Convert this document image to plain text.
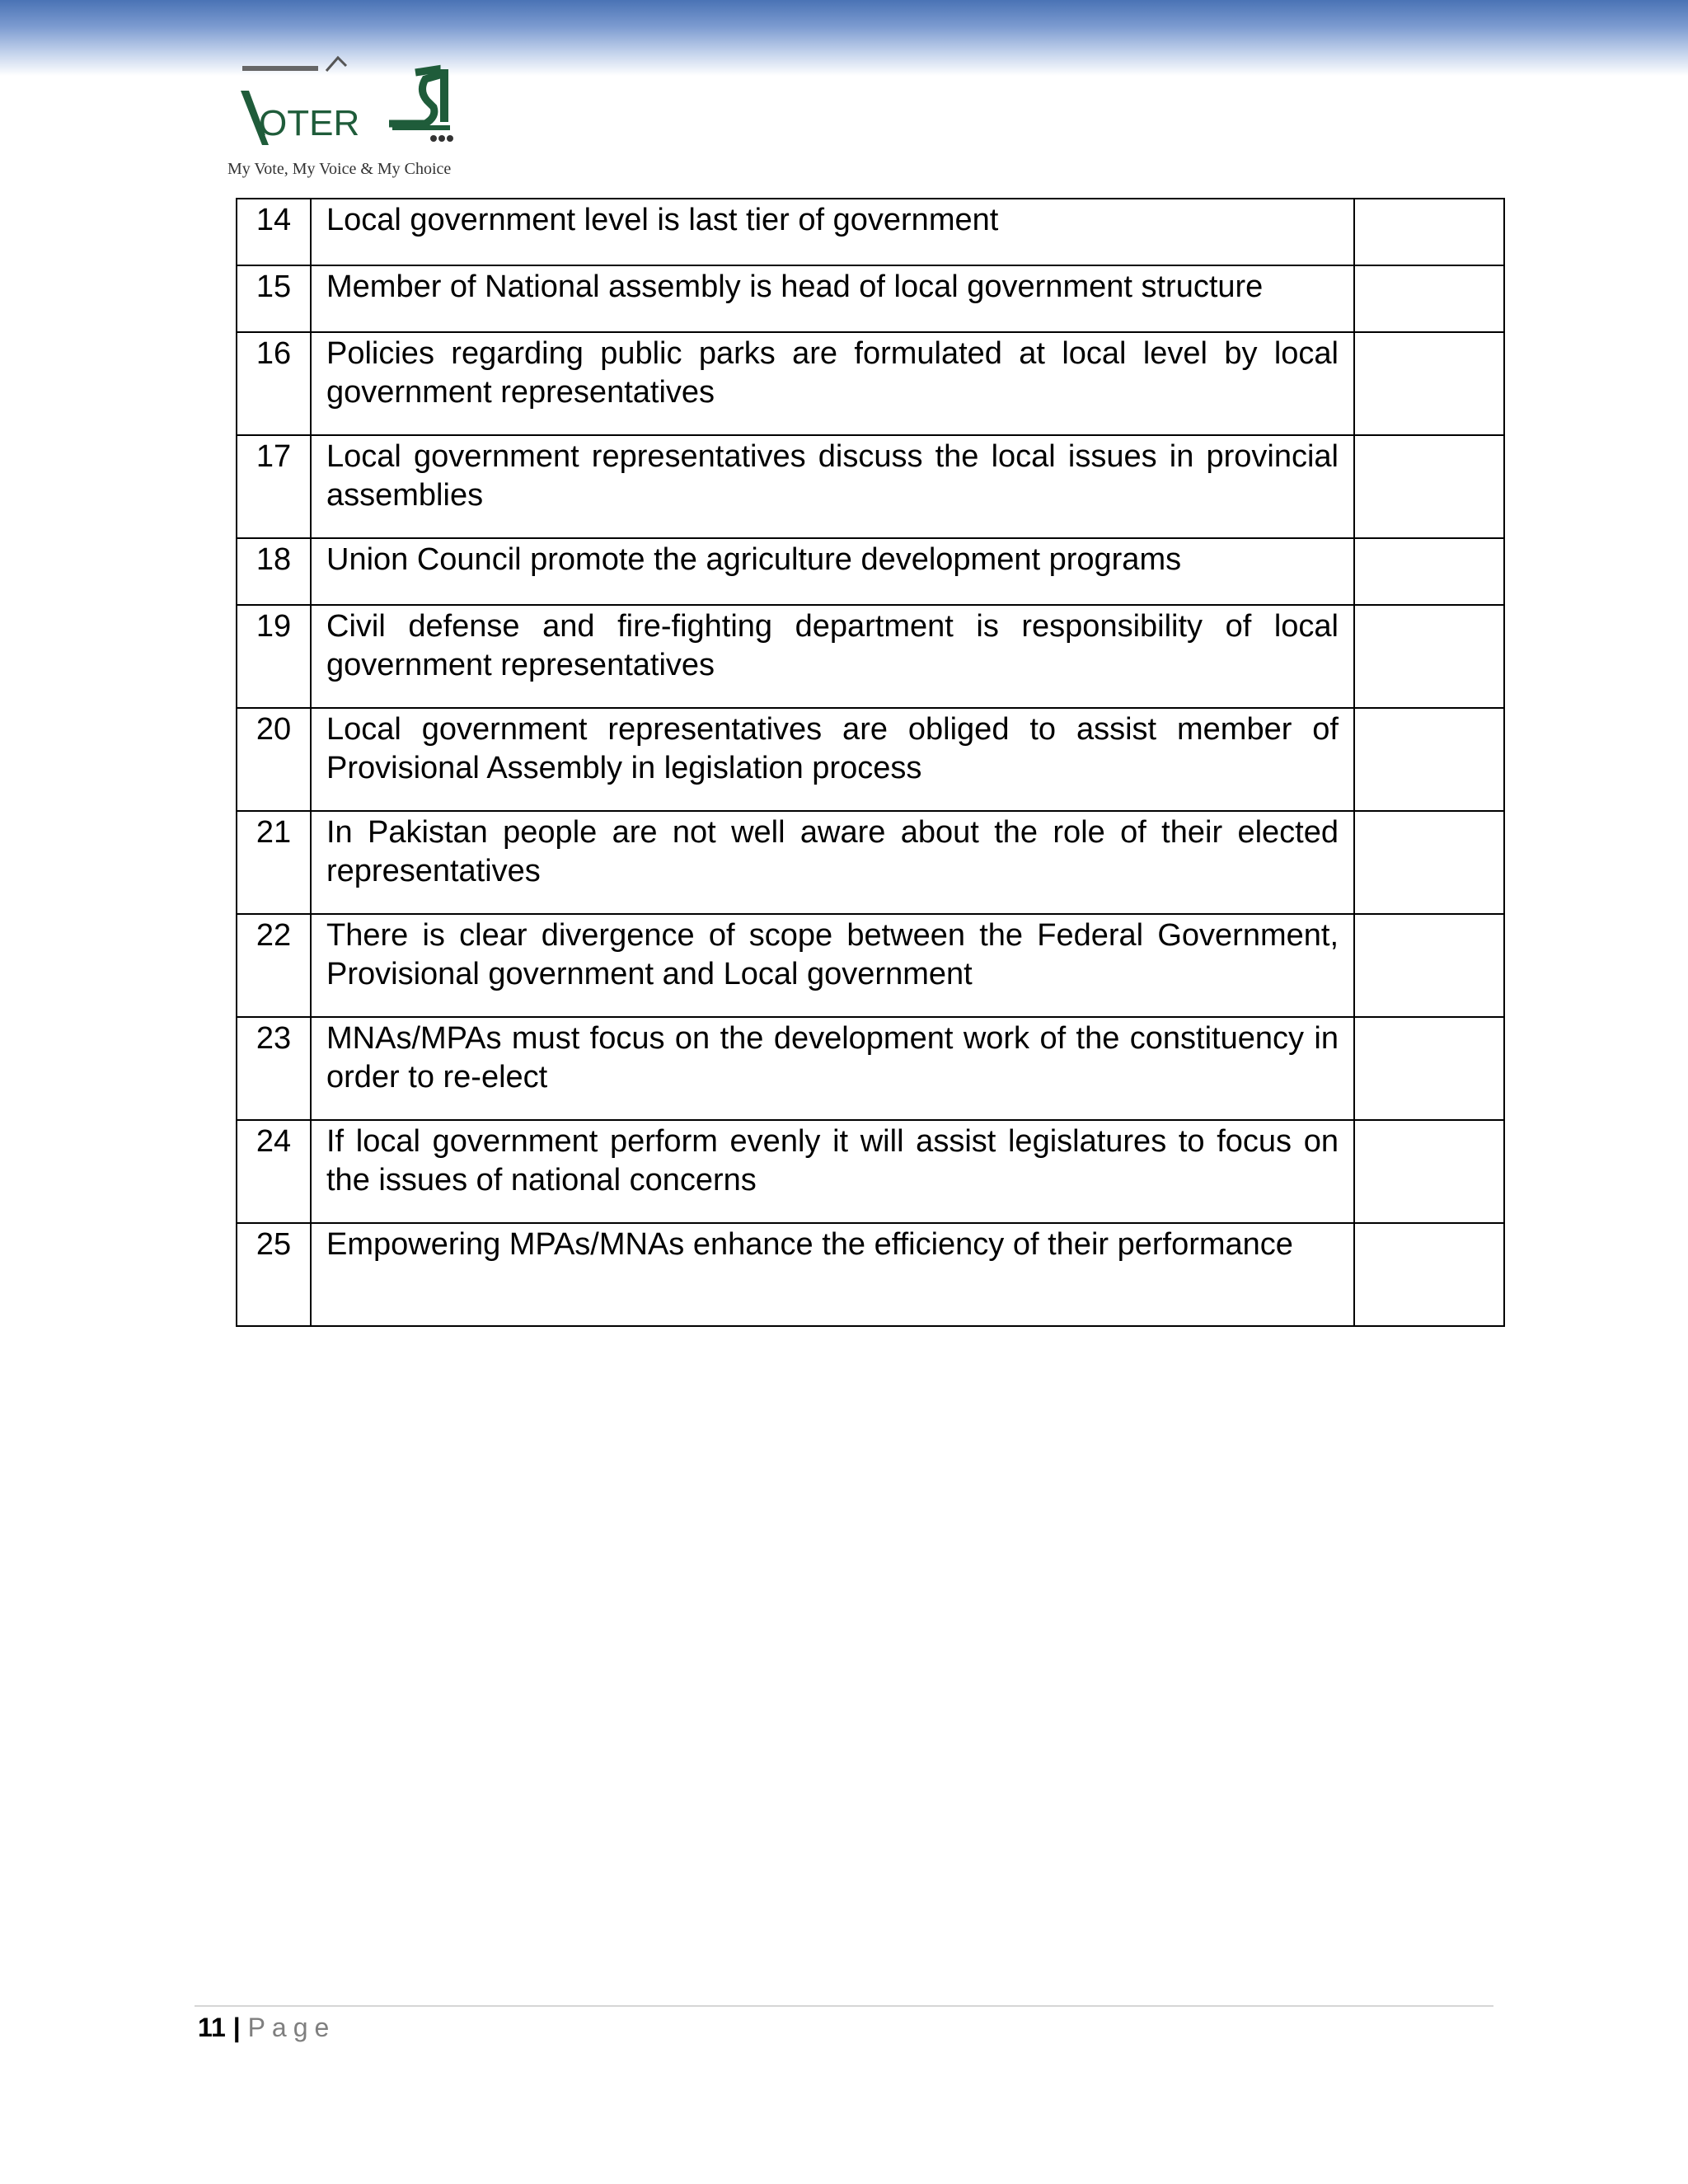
OTER
My Vote, My Voice & My Choice
14	Local government level is last tier of government	
15	Member of National assembly is head of local government structure	
16	Policies regarding public parks are formulated at local level by local government representatives	
17	Local government representatives discuss the local issues in provincial assemblies	
18	Union Council promote the agriculture development programs	
19	Civil defense and fire-fighting department is responsibility of local government representatives	
20	Local government representatives are obliged to assist member of Provisional Assembly in legislation process	
21	In Pakistan people are not well aware about the role of their elected representatives	
22	There is clear divergence of scope between the Federal Government, Provisional government and Local government	
23	MNAs/MPAs must focus on the development work of the constituency in order to re-elect	
24	If local government perform evenly it will assist legislatures to focus on the issues of national concerns	
25	Empowering MPAs/MNAs enhance the efficiency of their performance	
11 | Page
